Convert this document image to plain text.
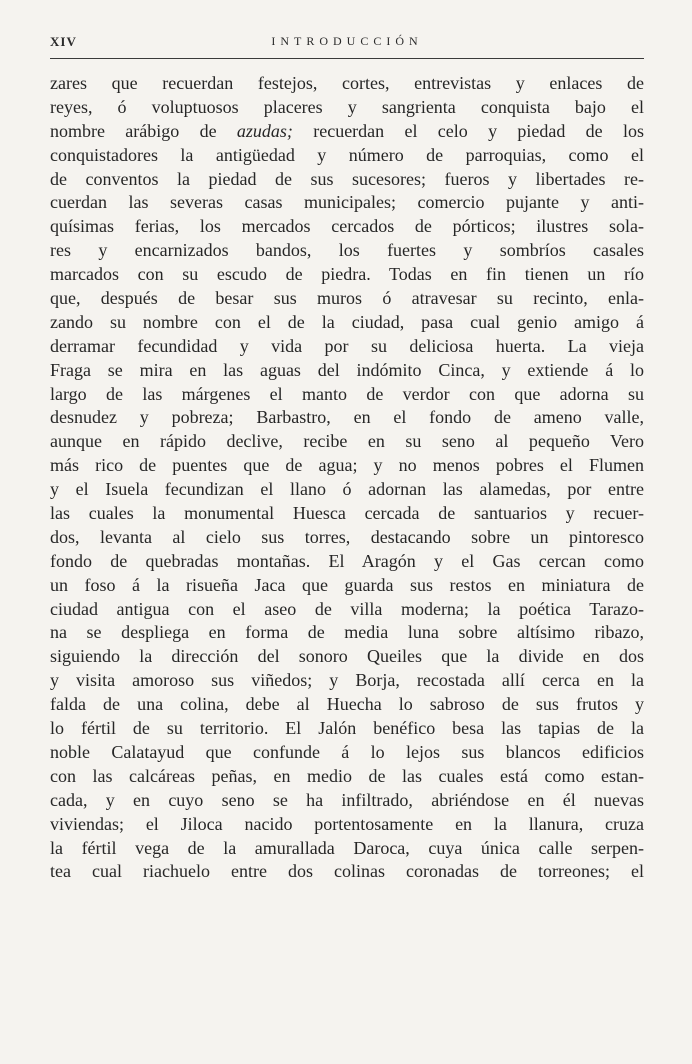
XIV	INTRODUCCIÓN
zares que recuerdan festejos, cortes, entrevistas y enlaces de
reyes, ó voluptuosos placeres y sangrienta conquista bajo el
nombre arábigo de azudas; recuerdan el celo y piedad de los
conquistadores la antigüedad y número de parroquias, como el
de conventos la piedad de sus sucesores; fueros y libertades re-
cuerdan las severas casas municipales; comercio pujante y anti-
quísimas ferias, los mercados cercados de pórticos; ilustres sola-
res y encarnizados bandos, los fuertes y sombríos casales
marcados con su escudo de piedra. Todas en fin tienen un río
que, después de besar sus muros ó atravesar su recinto, enla-
zando su nombre con el de la ciudad, pasa cual genio amigo á
derramar fecundidad y vida por su deliciosa huerta. La vieja
Fraga se mira en las aguas del indómito Cinca, y extiende á lo
largo de las márgenes el manto de verdor con que adorna su
desnudez y pobreza; Barbastro, en el fondo de ameno valle,
aunque en rápido declive, recibe en su seno al pequeño Vero
más rico de puentes que de agua; y no menos pobres el Flumen
y el Isuela fecundizan el llano ó adornan las alamedas, por entre
las cuales la monumental Huesca cercada de santuarios y recuer-
dos, levanta al cielo sus torres, destacando sobre un pintoresco
fondo de quebradas montañas. El Aragón y el Gas cercan como
un foso á la risueña Jaca que guarda sus restos en miniatura de
ciudad antigua con el aseo de villa moderna; la poética Tarazo-
na se despliega en forma de media luna sobre altísimo ribazo,
siguiendo la dirección del sonoro Queiles que la divide en dos
y visita amoroso sus viñedos; y Borja, recostada allí cerca en la
falda de una colina, debe al Huecha lo sabroso de sus frutos y
lo fértil de su territorio. El Jalón benéfico besa las tapias de la
noble Calatayud que confunde á lo lejos sus blancos edificios
con las calcáreas peñas, en medio de las cuales está como estan-
cada, y en cuyo seno se ha infiltrado, abriéndose en él nuevas
viviendas; el Jiloca nacido portentosamente en la llanura, cruza
la fértil vega de la amurallada Daroca, cuya única calle serpen-
tea cual riachuelo entre dos colinas coronadas de torreones; el
